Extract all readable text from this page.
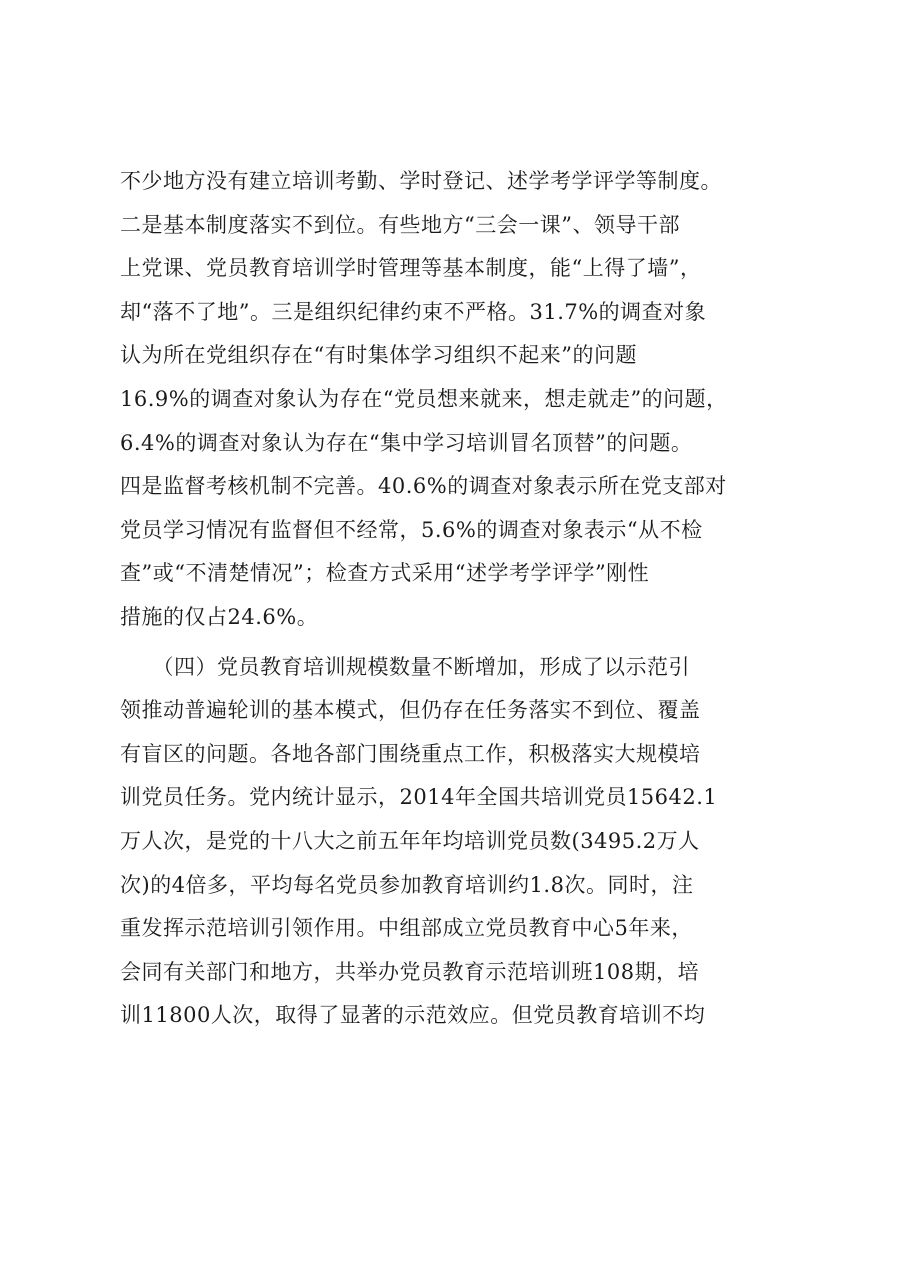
不少地方没有建立培训考勤、学时登记、述学考学评学等制度。
二是基本制度落实不到位。有些地方“三会一课”、领导干部
上党课、党员教育培训学时管理等基本制度，能“上得了墙”，
却“落不了地”。三是组织纪律约束不严格。31.7%的调查对象
认为所在党组织存在“有时集体学习组织不起来”的问题
16.9%的调查对象认为存在“党员想来就来，想走就走”的问题，
6.4%的调查对象认为存在“集中学习培训冒名顶替”的问题。
四是监督考核机制不完善。40.6%的调查对象表示所在党支部对
党员学习情况有监督但不经常，5.6%的调查对象表示“从不检
查”或“不清楚情况”；检查方式采用“述学考学评学”刚性
措施的仅占24.6%。
　　（四）党员教育培训规模数量不断增加，形成了以示范引
领推动普遍轮训的基本模式，但仍存在任务落实不到位、覆盖
有盲区的问题。各地各部门围绕重点工作，积极落实大规模培
训党员任务。党内统计显示，2014年全国共培训党员15642.1
万人次，是党的十八大之前五年年均培训党员数(3495.2万人
次)的4倍多，平均每名党员参加教育培训约1.8次。同时，注
重发挥示范培训引领作用。中组部成立党员教育中心5年来，
会同有关部门和地方，共举办党员教育示范培训班108期，培
训11800人次，取得了显著的示范效应。但党员教育培训不均
